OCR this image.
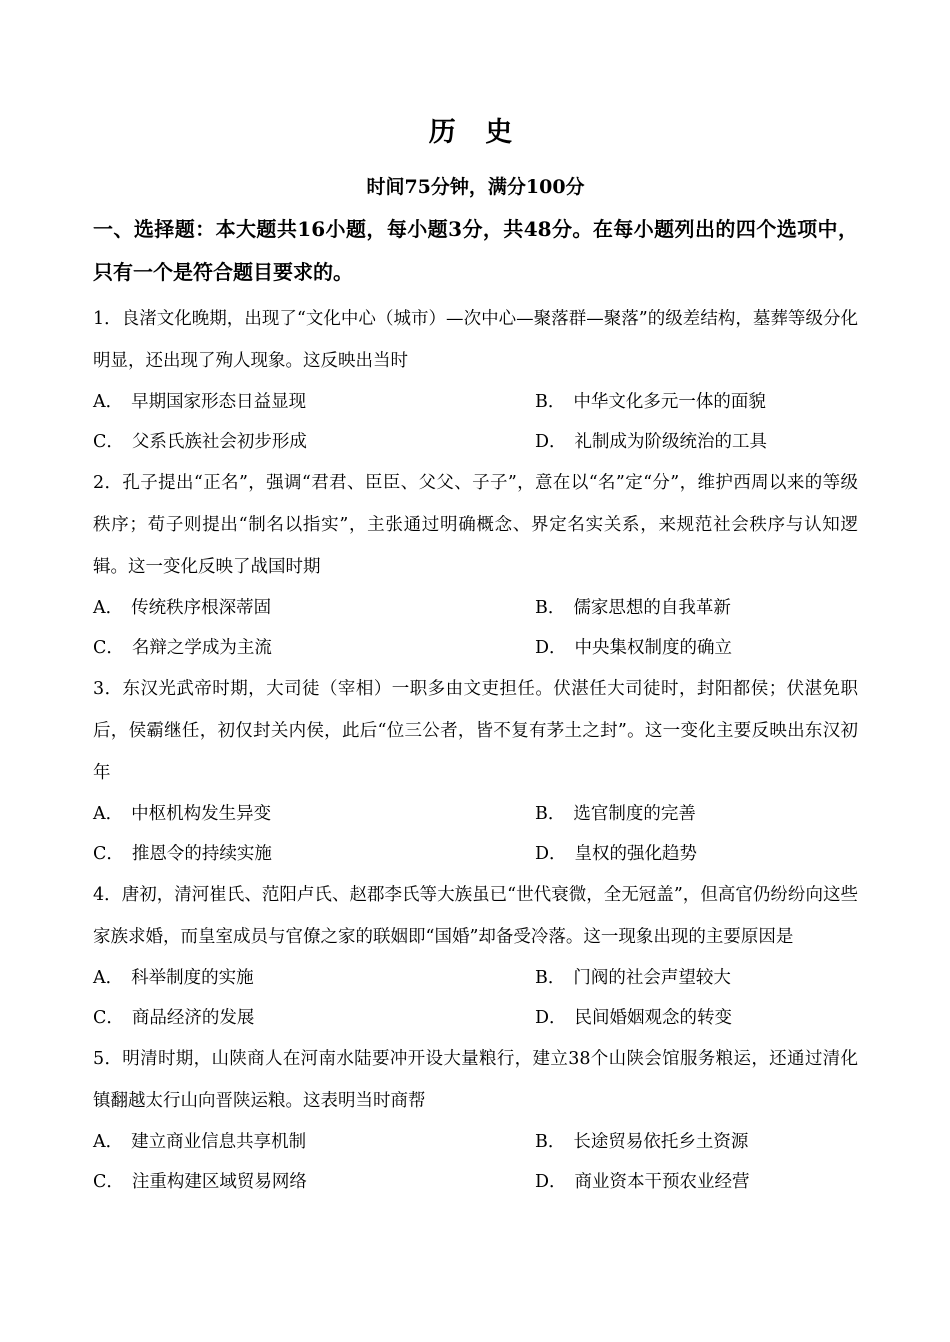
历 史
时间75分钟，满分100分
一、选择题：本大题共16小题，每小题3分，共48分。在每小题列出的四个选项中，只有一个是符合题目要求的。
1．良渚文化晚期，出现了“文化中心（城市）—次中心—聚落群—聚落”的级差结构，墓葬等级分化明显，还出现了殉人现象。这反映出当时
A． 早期国家形态日益显现	B． 中华文化多元一体的面貌
C． 父系氏族社会初步形成	D． 礼制成为阶级统治的工具
2．孔子提出“正名”，强调“君君、臣臣、父父、子子”，意在以“名”定“分”，维护西周以来的等级秩序；荀子则提出“制名以指实”，主张通过明确概念、界定名实关系，来规范社会秩序与认知逻辑。这一变化反映了战国时期
A． 传统秩序根深蒂固	B． 儒家思想的自我革新
C． 名辩之学成为主流	D． 中央集权制度的确立
3．东汉光武帝时期，大司徒（宰相）一职多由文吏担任。伏湛任大司徒时，封阳都侯；伏湛免职后，侯霸继任，初仅封关内侯，此后“位三公者，皆不复有茅土之封”。这一变化主要反映出东汉初年
A． 中枢机构发生异变	B． 选官制度的完善
C． 推恩令的持续实施	D． 皇权的强化趋势
4．唐初，清河崔氏、范阳卢氏、赵郡李氏等大族虽已“世代衰微，全无冠盖”，但高官仍纷纷向这些家族求婚，而皇室成员与官僚之家的联姻即“国婚”却备受冷落。这一现象出现的主要原因是
A． 科举制度的实施	B． 门阀的社会声望较大
C． 商品经济的发展	D． 民间婚姻观念的转变
5．明清时期，山陕商人在河南水陆要冲开设大量粮行，建立38个山陕会馆服务粮运，还通过清化镇翻越太行山向晋陕运粮。这表明当时商帮
A． 建立商业信息共享机制	B． 长途贸易依托乡土资源
C． 注重构建区域贸易网络	D． 商业资本干预农业经营
